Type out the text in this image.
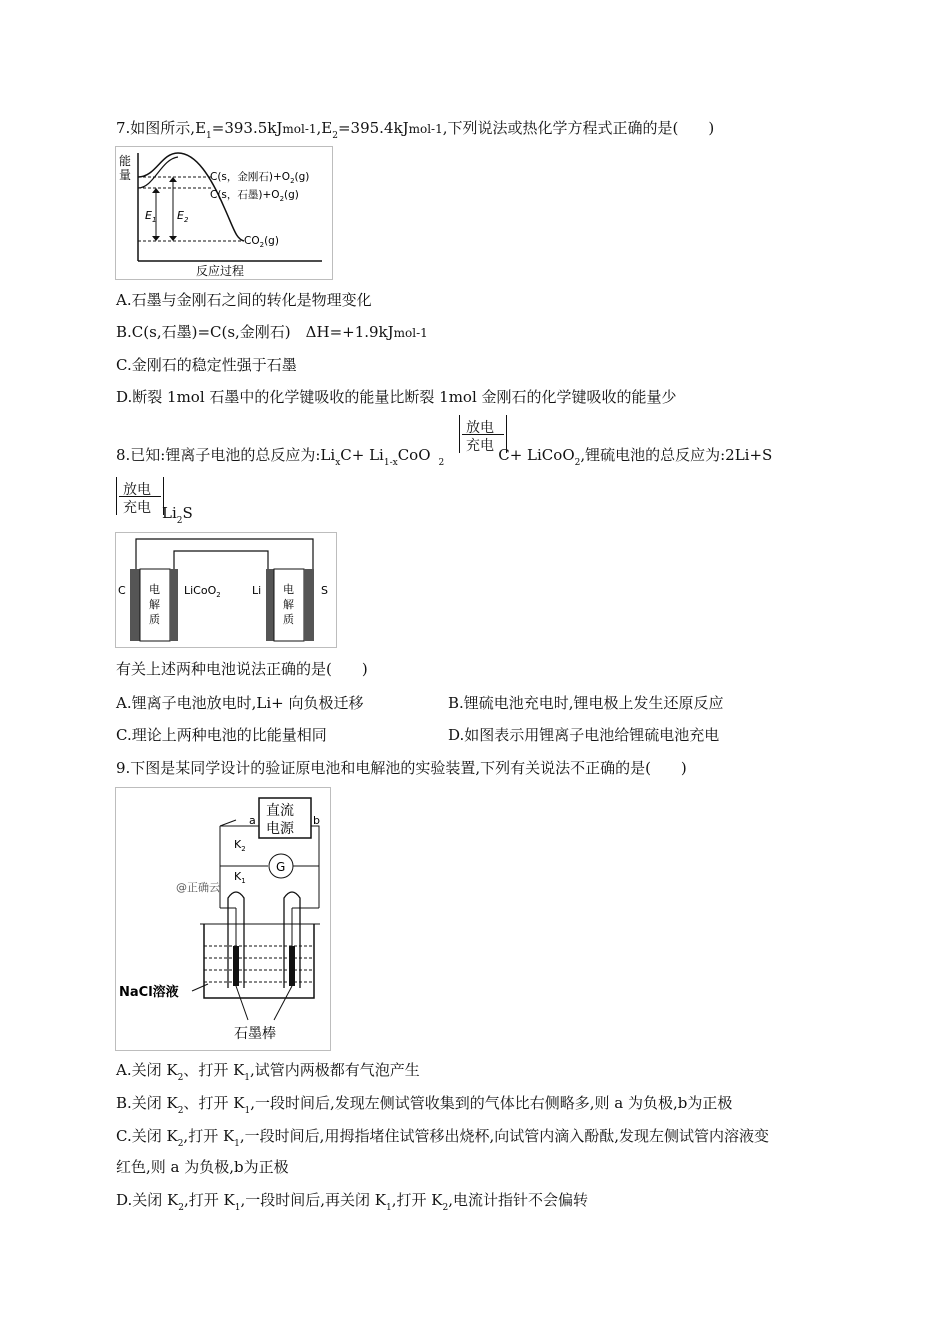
7.如图所示$,E_1=393.5kJmol-1,E_2=395.4kJmol-1$,下列说法或热化学方程式正确的是(　　)
能
量
$E_1$ $E_2$
C(s，金刚石)$+O_2(g)$
C(s，石墨)$+O_2(g)$
$CO_2(g)$
反应过程
A.石墨与金刚石之间的转化是物理变化
B.C(s,石墨)=C(s,金刚石)　ΔH=+1.9kJmol-1
C.金刚石的稳定性强于石墨
D.断裂 1mol 石墨中的化学键吸收的能量比断裂 1mol 金刚石的化学键吸收的能量少
8.已知:锂离子电池的总反应为$:Li_xC+ Li_{1-x}CoO$ $_2$	C+ LiCoO$_2$,锂硫电池的总反应为:2Li+S
放电
充电
放电
充电 $Li_2S$
C	LiCoO$_2$	Li	S
电
解
质
电
解
质
有关上述两种电池说法正确的是(　　)
A.锂离子电池放电时,Li+ 向负极迁移	B.锂硫电池充电时,锂电极上发生还原反应
C.理论上两种电池的比能量相同	D.如图表示用锂离子电池给锂硫电池充电
9.下图是某同学设计的验证原电池和电解池的实验装置,下列有关说法不正确的是(　　)
直流
电源
a	b
G
$K_2$
$K_1$
@正确云
NaCl溶液
石墨棒
A.关闭 $K_2$、打开 $K_1$,试管内两极都有气泡产生
B.关闭 $K_2$、打开 $K_1$,一段时间后,发现左侧试管收集到的气体比右侧略多,则 a 为负极,b为正极
C.关闭 $K_2$,打开 $K_1$,一段时间后,用拇指堵住试管移出烧杯,向试管内滴入酚酞,发现左侧试管内溶液变
红色,则 a 为负极,b为正极
D.关闭 $K_2$,打开 $K_1$,一段时间后,再关闭 $K_1$,打开 $K_2$,电流计指针不会偏转
